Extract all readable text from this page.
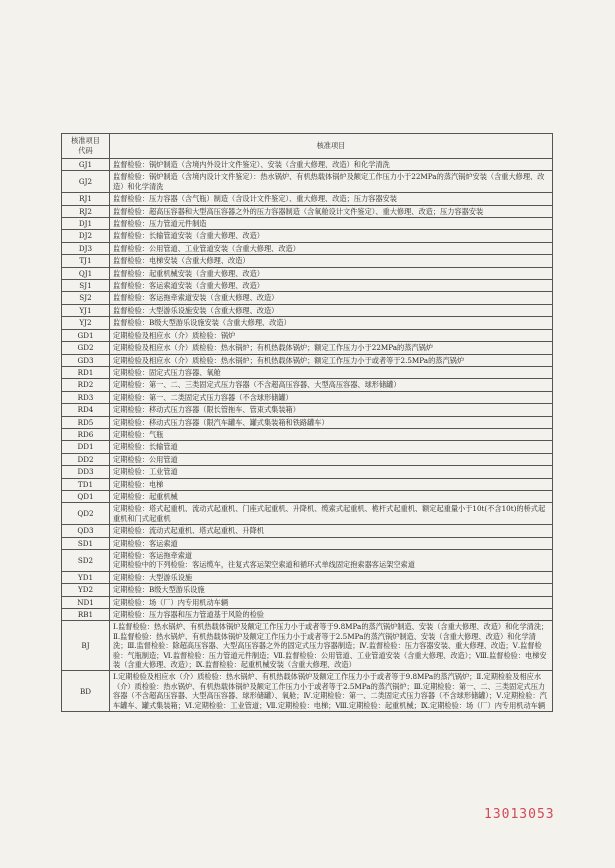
核准项目
代码	核准项目
GJ1	监督检验：锅炉制造（含境内外设计文件鉴定）、安装（含重大修理、改造）和化学清洗
GJ2	监督检验：锅炉制造（含境内设计文件鉴定）：热水锅炉、有机热载体锅炉及额定工作压力小于22MPa的蒸汽锅炉安装（含重大修理、改造）和化学清洗
RJ1	监督检验：压力容器（含气瓶）制造（含设计文件鉴定）、重大修理、改造；压力容器安装
RJ2	监督检验：超高压容器和大型高压容器之外的压力容器制造（含氧舱设计文件鉴定）、重大修理、改造；压力容器安装
DJ1	监督检验：压力管道元件制造
DJ2	监督检验：长输管道安装（含重大修理、改造）
DJ3	监督检验：公用管道、工业管道安装（含重大修理、改造）
TJ1	监督检验：电梯安装（含重大修理、改造）
QJ1	监督检验：起重机械安装（含重大修理、改造）
SJ1	监督检验：客运索道安装（含重大修理、改造）
SJ2	监督检验：客运拖牵索道安装（含重大修理、改造）
YJ1	监督检验：大型游乐设施安装（含重大修理、改造）
YJ2	监督检验：B级大型游乐设施安装（含重大修理、改造）
GD1	定期检验及相应水（介）质检验：锅炉
GD2	定期检验及相应水（介）质检验：热水锅炉；有机热载体锅炉；额定工作压力小于22MPa的蒸汽锅炉
GD3	定期检验及相应水（介）质检验：热水锅炉；有机热载体锅炉；额定工作压力小于或者等于2.5MPa的蒸汽锅炉
RD1	定期检验：固定式压力容器、氧舱
RD2	定期检验：第一、二、三类固定式压力容器（不含超高压容器、大型高压容器、球形储罐）
RD3	定期检验：第一、二类固定式压力容器（不含球形储罐）
RD4	定期检验：移动式压力容器（限长管拖车、管束式集装箱）
RD5	定期检验：移动式压力容器（限汽车罐车、罐式集装箱和铁路罐车）
RD6	定期检验：气瓶
DD1	定期检验：长输管道
DD2	定期检验：公用管道
DD3	定期检验：工业管道
TD1	定期检验：电梯
QD1	定期检验：起重机械
QD2	定期检验：塔式起重机、流动式起重机、门座式起重机、升降机、缆索式起重机、桅杆式起重机、额定起重量小于10t(不含10t)的桥式起重机和门式起重机
QD3	定期检验：流动式起重机、塔式起重机、升降机
SD1	定期检验：客运索道
SD2	定期检验：客运拖牵索道
定期检验中的下列检验：客运缆车，往复式客运架空索道和循环式单线固定抱索器客运架空索道
YD1	定期检验：大型游乐设施
YD2	定期检验：B级大型游乐设施
ND1	定期检验：场（厂）内专用机动车辆
RB1	定期检验：压力容器和压力管道基于风险的检验
BJ	Ⅰ.监督检验：热水锅炉、有机热载体锅炉及额定工作压力小于或者等于9.8MPa的蒸汽锅炉制造、安装（含重大修理、改造）和化学清洗；Ⅱ.监督检验：热水锅炉、有机热载体锅炉及额定工作压力小于或者等于2.5MPa的蒸汽锅炉制造、安装（含重大修理、改造）和化学清洗；Ⅲ.监督检验：除超高压容器、大型高压容器之外的固定式压力容器制造；Ⅳ.监督检验：压力容器安装、重大修理、改造；Ⅴ.监督检验：气瓶制造；Ⅵ.监督检验：压力管道元件制造；Ⅶ.监督检验：公用管道、工业管道安装（含重大修理、改造）；Ⅷ.监督检验：电梯安装（含重大修理、改造）；Ⅸ.监督检验：起重机械安装（含重大修理、改造）
BD	Ⅰ.定期检验及相应水（介）质检验：热水锅炉、有机热载体锅炉及额定工作压力小于或者等于9.8MPa的蒸汽锅炉；Ⅱ.定期检验及相应水（介）质检验：热水锅炉、有机热载体锅炉及额定工作压力小于或者等于2.5MPa的蒸汽锅炉；Ⅲ.定期检验：第一、二、三类固定式压力容器（不含超高压容器、大型高压容器、球形储罐）、氧舱；Ⅳ.定期检验：第一、二类固定式压力容器（不含球形储罐）；Ⅴ.定期检验：汽车罐车、罐式集装箱；Ⅵ.定期检验：工业管道；Ⅶ.定期检验：电梯；Ⅷ.定期检验：起重机械；Ⅸ.定期检验：场（厂）内专用机动车辆
13013053
